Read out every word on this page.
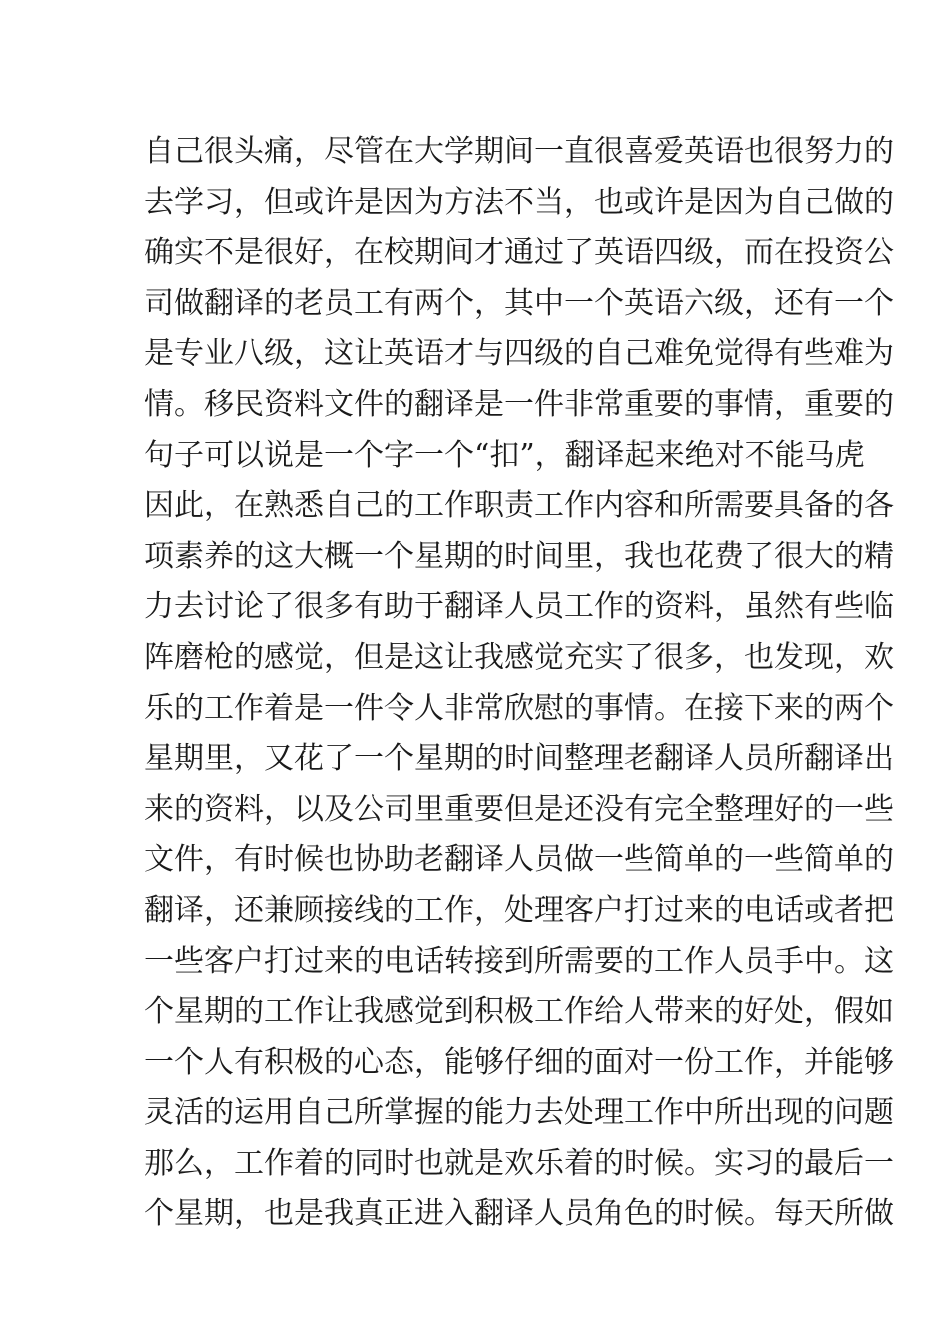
自己很头痛，尽管在大学期间一直很喜爱英语也很努力的
去学习，但或许是因为方法不当，也或许是因为自己做的
确实不是很好，在校期间才通过了英语四级，而在投资公
司做翻译的老员工有两个，其中一个英语六级，还有一个
是专业八级，这让英语才与四级的自己难免觉得有些难为
情。移民资料文件的翻译是一件非常重要的事情，重要的
句子可以说是一个字一个“扣”，翻译起来绝对不能马虎
因此，在熟悉自己的工作职责工作内容和所需要具备的各
项素养的这大概一个星期的时间里，我也花费了很大的精
力去讨论了很多有助于翻译人员工作的资料，虽然有些临
阵磨枪的感觉，但是这让我感觉充实了很多，也发现，欢
乐的工作着是一件令人非常欣慰的事情。在接下来的两个
星期里，又花了一个星期的时间整理老翻译人员所翻译出
来的资料，以及公司里重要但是还没有完全整理好的一些
文件，有时候也协助老翻译人员做一些简单的一些简单的
翻译，还兼顾接线的工作，处理客户打过来的电话或者把
一些客户打过来的电话转接到所需要的工作人员手中。这
个星期的工作让我感觉到积极工作给人带来的好处，假如
一个人有积极的心态，能够仔细的面对一份工作，并能够
灵活的运用自己所掌握的能力去处理工作中所出现的问题
那么，工作着的同时也就是欢乐着的时候。实习的最后一
个星期，也是我真正进入翻译人员角色的时候。每天所做
